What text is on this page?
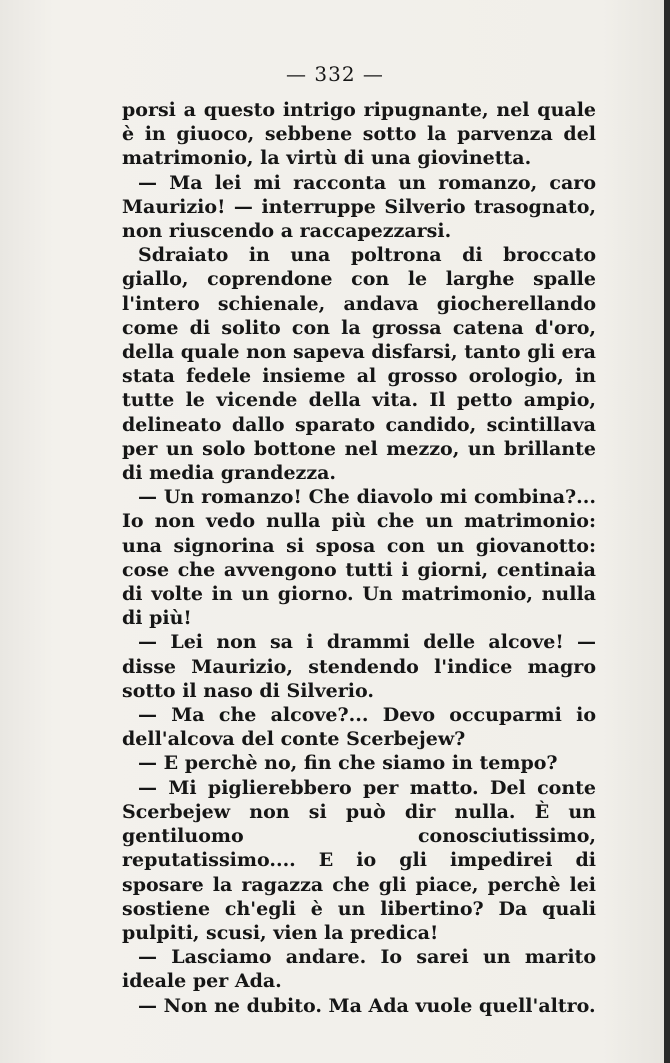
— 332 —

porsi a questo intrigo ripugnante, nel quale è in giuoco, sebbene sotto la parvenza del matrimonio, la virtù di una giovinetta.

— Ma lei mi racconta un romanzo, caro Maurizio! — interruppe Silverio trasognato, non riuscendo a raccapezzarsi.

Sdraiato in una poltrona di broccato giallo, coprendone con le larghe spalle l'intero schienale, andava giocherellando come di solito con la grossa catena d'oro, della quale non sapeva disfarsi, tanto gli era stata fedele insieme al grosso orologio, in tutte le vicende della vita. Il petto ampio, delineato dallo sparato candido, scintillava per un solo bottone nel mezzo, un brillante di media grandezza.

— Un romanzo! Che diavolo mi combina?... Io non vedo nulla più che un matrimonio: una signorina si sposa con un giovanotto: cose che avvengono tutti i giorni, centinaia di volte in un giorno. Un matrimonio, nulla di più!

— Lei non sa i drammi delle alcove! — disse Maurizio, stendendo l'indice magro sotto il naso di Silverio.

— Ma che alcove?... Devo occuparmi io dell'alcova del conte Scerbejew?

— E perchè no, fin che siamo in tempo?

— Mi piglierebbero per matto. Del conte Scerbejew non si può dir nulla. È un gentiluomo conosciutissimo, reputatissimo.... E io gli impedirei di sposare la ragazza che gli piace, perchè lei sostiene ch'egli è un libertino? Da quali pulpiti, scusi, vien la predica!

— Lasciamo andare. Io sarei un marito ideale per Ada.

— Non ne dubito. Ma Ada vuole quell'altro.
